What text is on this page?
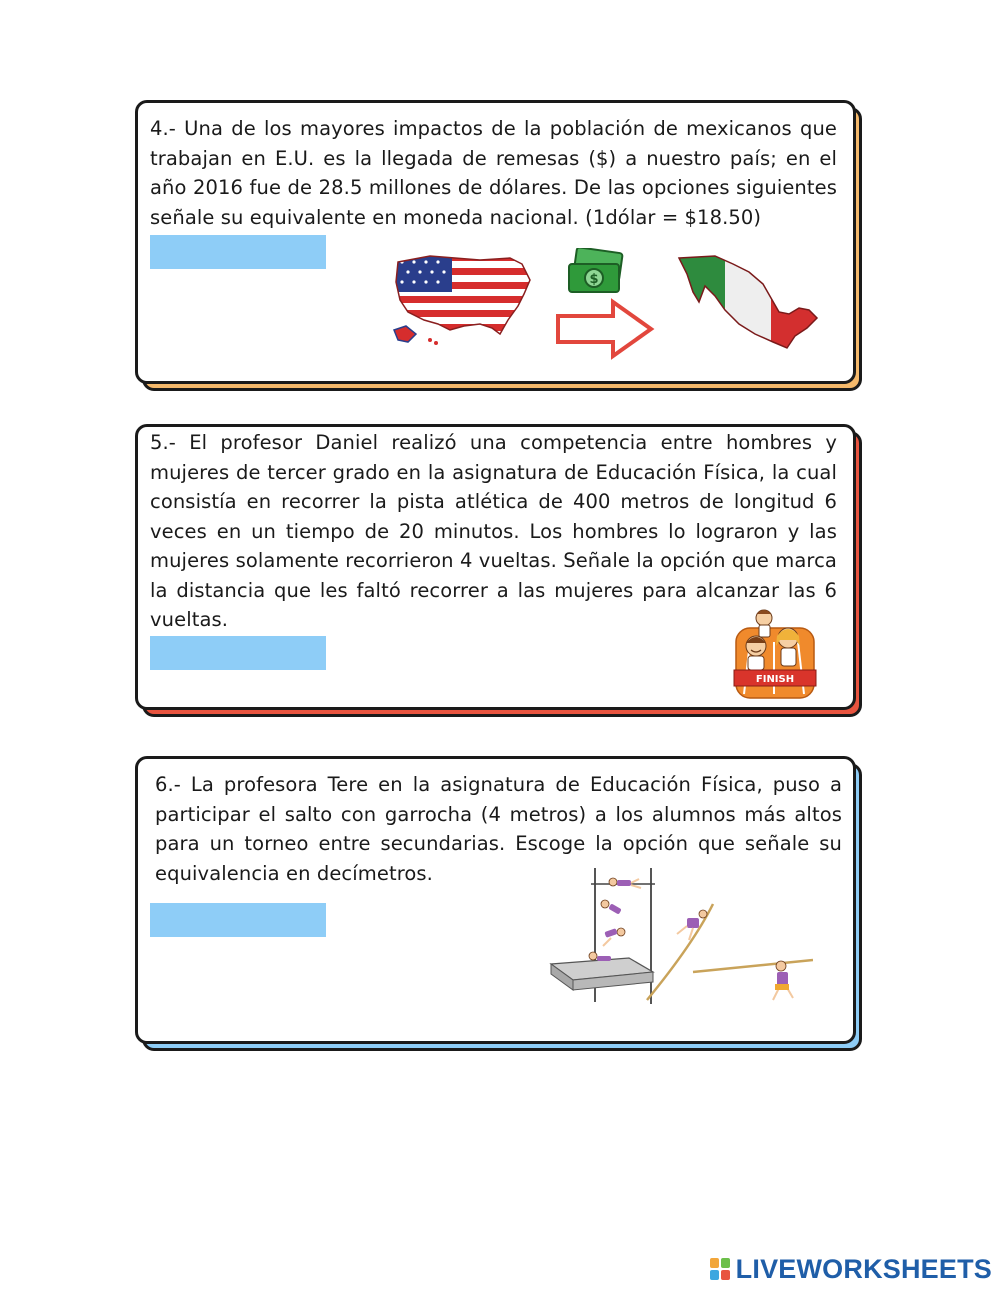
4.- Una de los mayores impactos de la población de mexicanos que trabajan en E.U. es la llegada de remesas ($) a nuestro país; en el año 2016 fue de 28.5 millones de dólares. De las opciones siguientes señale su equivalente en moneda nacional. (1dólar = $18.50)
$
5.- El profesor Daniel realizó una competencia entre hombres y mujeres de tercer grado en la asignatura de Educación Física, la cual consistía en recorrer la pista atlética de 400 metros de longitud 6 veces en un tiempo de 20 minutos. Los hombres lo lograron y las mujeres solamente recorrieron 4 vueltas. Señale la opción que marca la distancia que les faltó recorrer a las mujeres para alcanzar las 6 vueltas.
FINISH
6.- La profesora Tere en la asignatura de Educación Física, puso a participar el salto con garrocha (4 metros) a los alumnos más altos para un torneo entre secundarias. Escoge la opción que señale su equivalencia en decímetros.
LIVEWORKSHEETS
